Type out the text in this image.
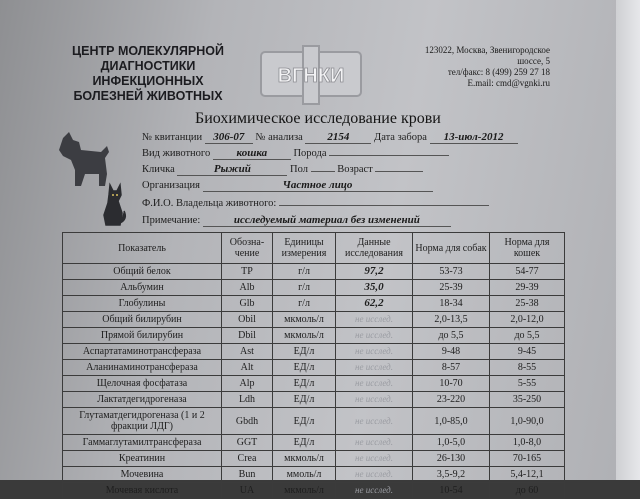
ЦЕНТР МОЛЕКУЛЯРНОЙ
ДИАГНОСТИКИ
ИНФЕКЦИОННЫХ
БОЛЕЗНЕЙ ЖИВОТНЫХ
ВГНКИ
123022, Москва, Звенигородское
шоссе, 5
тел/факс: 8 (499) 259 27 18
E.mail: cmd@vgnki.ru
Биохимическое исследование крови
№ квитанции 306-07 № анализа 2154 Дата забора 13-июл-2012
Вид животного кошка	Порода
Кличка	Рыжий	Пол	Возраст
Организация	Частное лицо
Ф.И.О. Владельца животного:
Примечание:	исследуемый материал без изменений
Показатель	Обозна-чение	Единицы измерения	Данные исследования	Норма для собак	Норма для кошек
Общий белок	TP	г/л	97,2	53-73	54-77
Альбумин	Alb	г/л	35,0	25-39	29-39
Глобулины	Glb	г/л	62,2	18-34	25-38
Общий билирубин	Obil	мкмоль/л	не исслед.	2,0-13,5	2,0-12,0
Прямой билирубин	Dbil	мкмоль/л	не исслед.	до 5,5	до 5,5
Аспартатаминотрансфераза	Ast	ЕД/л	не исслед.	9-48	9-45
Аланинаминотрансфераза	Alt	ЕД/л	не исслед.	8-57	8-55
Щелочная фосфатаза	Alp	ЕД/л	не исслед.	10-70	5-55
Лактатдегидрогеназа	Ldh	ЕД/л	не исслед.	23-220	35-250
Глутаматдегидрогеназа (1 и 2 фракции ЛДГ)	Gbdh	ЕД/л	не исслед.	1,0-85,0	1,0-90,0
Гаммаглутамилтрансфераза	GGT	ЕД/л	не исслед.	1,0-5,0	1,0-8,0
Креатинин	Crea	мкмоль/л	не исслед.	26-130	70-165
Мочевина	Bun	ммоль/л	не исслед.	3,5-9,2	5,4-12,1
Мочевая кислота	UA	мкмоль/л	не исслед.	10-54	до 60
